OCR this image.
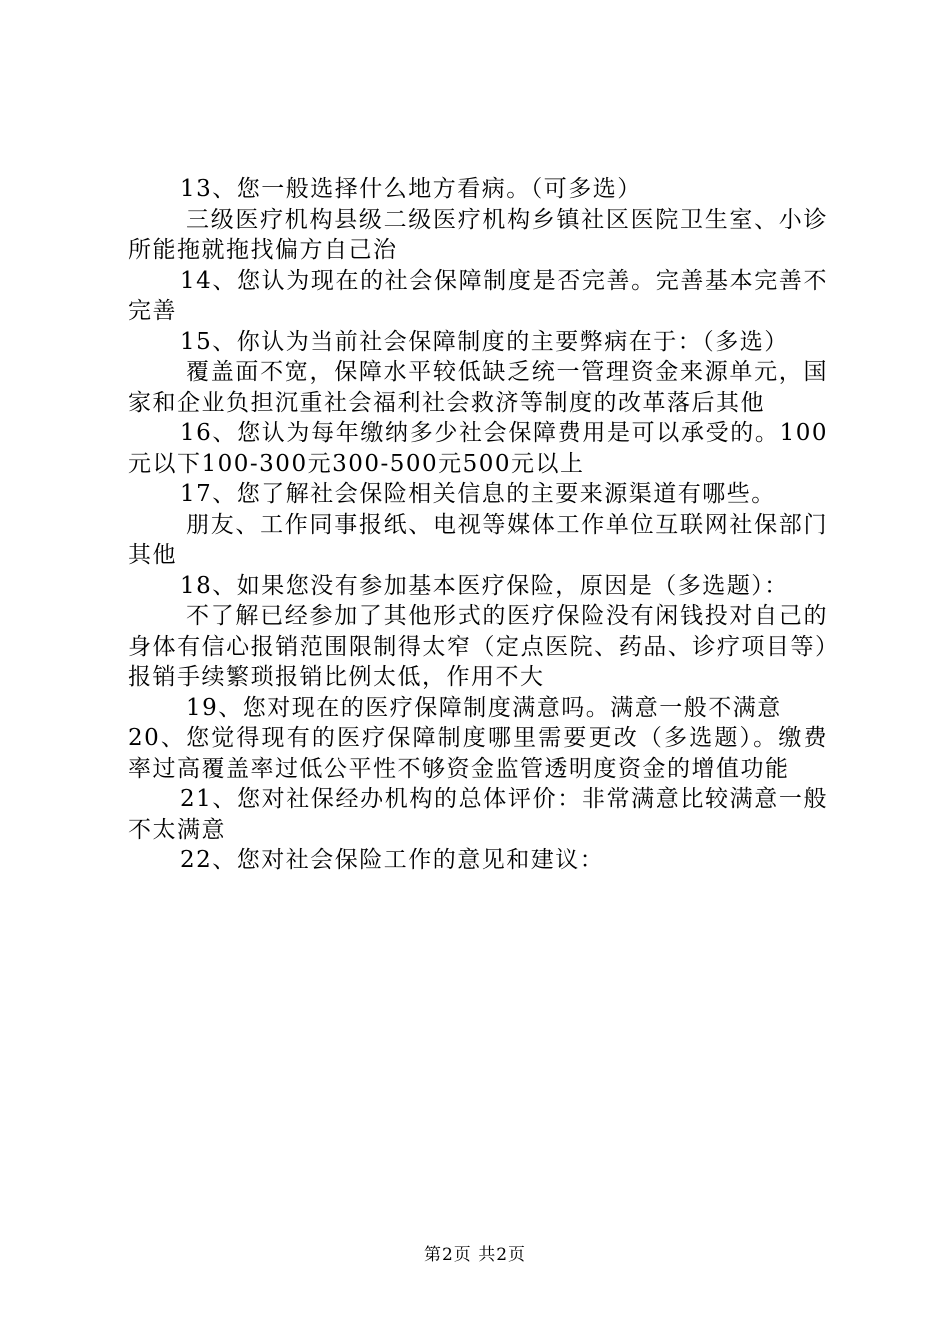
13、您一般选择什么地方看病。（可多选）

三级医疗机构县级二级医疗机构乡镇社区医院卫生室、小诊所能拖就拖找偏方自己治

14、您认为现在的社会保障制度是否完善。完善基本完善不完善

15、你认为当前社会保障制度的主要弊病在于：（多选）

覆盖面不宽，保障水平较低缺乏统一管理资金来源单元，国家和企业负担沉重社会福利社会救济等制度的改革落后其他

16、您认为每年缴纳多少社会保障费用是可以承受的。100元以下100-300元300-500元500元以上

17、您了解社会保险相关信息的主要来源渠道有哪些。

朋友、工作同事报纸、电视等媒体工作单位互联网社保部门其他

18、如果您没有参加基本医疗保险，原因是（多选题）：

不了解已经参加了其他形式的医疗保险没有闲钱投对自己的身体有信心报销范围限制得太窄（定点医院、药品、诊疗项目等）报销手续繁琐报销比例太低，作用不大

19、您对现在的医疗保障制度满意吗。满意一般不满意

20、您觉得现有的医疗保障制度哪里需要更改（多选题）。缴费率过高覆盖率过低公平性不够资金监管透明度资金的增值功能

21、您对社保经办机构的总体评价：非常满意比较满意一般不太满意

22、您对社会保险工作的意见和建议：

第2页 共2页
